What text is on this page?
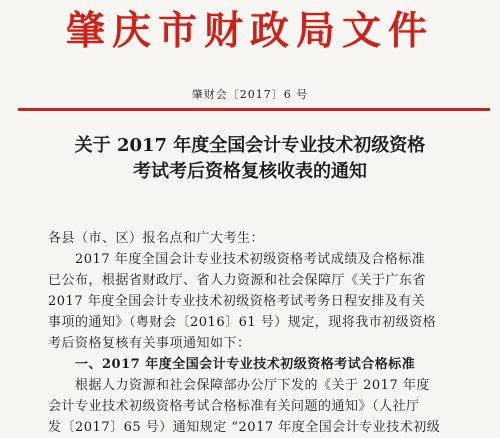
肇庆市财政局文件
肇财会〔2017〕6 号
关于 2017 年度全国会计专业技术初级资格
考试考后资格复核收表的通知
各县（市、区）报名点和广大考生：
　　2017 年度全国会计专业技术初级资格考试成绩及合格标准
已公布，根据省财政厅、省人力资源和社会保障厅《关于广东省
2017 年度全国会计专业技术初级资格考试考务日程安排及有关
事项的通知》（粤财会〔2016〕61 号）规定，现将我市初级资格
考后资格复核有关事项通知如下：
　　一、2017 年度全国会计专业技术初级资格考试合格标准
　　根据人力资源和社会保障部办公厅下发的《关于 2017 年度
会计专业技术初级资格考试合格标准有关问题的通知》（人社厅
发〔2017〕65 号）通知规定 “2017 年度全国会计专业技术初级
